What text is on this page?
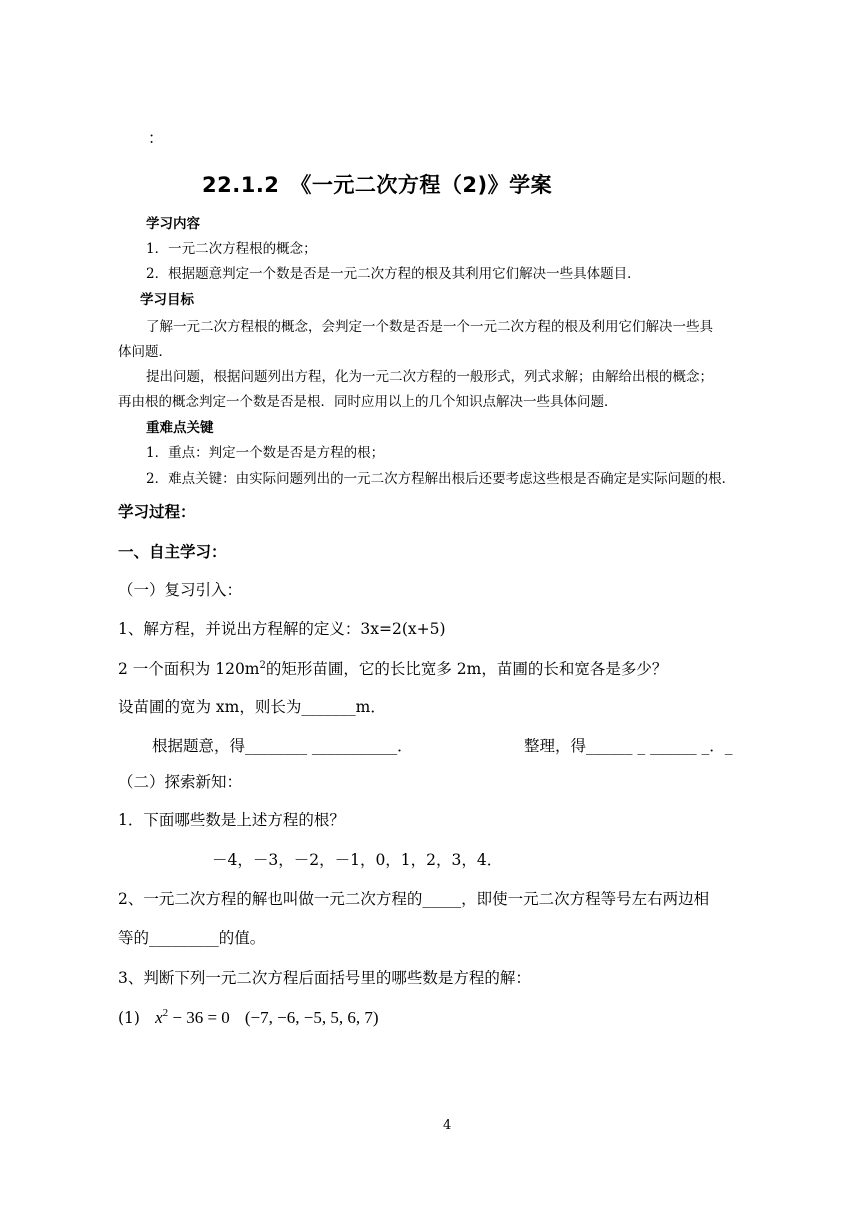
：
22.1.2　《一元二次方程（2)》学案
学习内容
1．一元二次方程根的概念；
2．根据题意判定一个数是否是一元二次方程的根及其利用它们解决一些具体题目．
学习目标
了解一元二次方程根的概念，会判定一个数是否是一个一元二次方程的根及利用它们解决一些具
体问题．
提出问题，根据问题列出方程，化为一元二次方程的一般形式，列式求解；由解给出根的概念；
再由根的概念判定一个数是否是根．同时应用以上的几个知识点解决一些具体问题．
重难点关键
1．重点：判定一个数是否是方程的根；
2．难点关键：由实际问题列出的一元二次方程解出根后还要考虑这些根是否确定是实际问题的根．
学习过程：
一、自主学习：
（一）复习引入：
1、解方程，并说出方程解的定义：3x=2(x+5)
2 一个面积为 $120m^2$的矩形苗圃，它的长比宽多 2m，苗圃的长和宽各是多少？
设苗圃的宽为 xm，则长为_______m．
根据题意，得________ ___________．	整理，得______ _ ______ _．_
（二）探索新知：
1．下面哪些数是上述方程的根？
－4，－3，－2，－1，0，1，2，3，4．
2、一元二次方程的解也叫做一元二次方程的_____，即使一元二次方程等号左右两边相
等的_________的值。
3、判断下列一元二次方程后面括号里的哪些数是方程的解：
(1) $x^2 - 36 = 0$ (−7, −6, −5, 5, 6, 7)
4
